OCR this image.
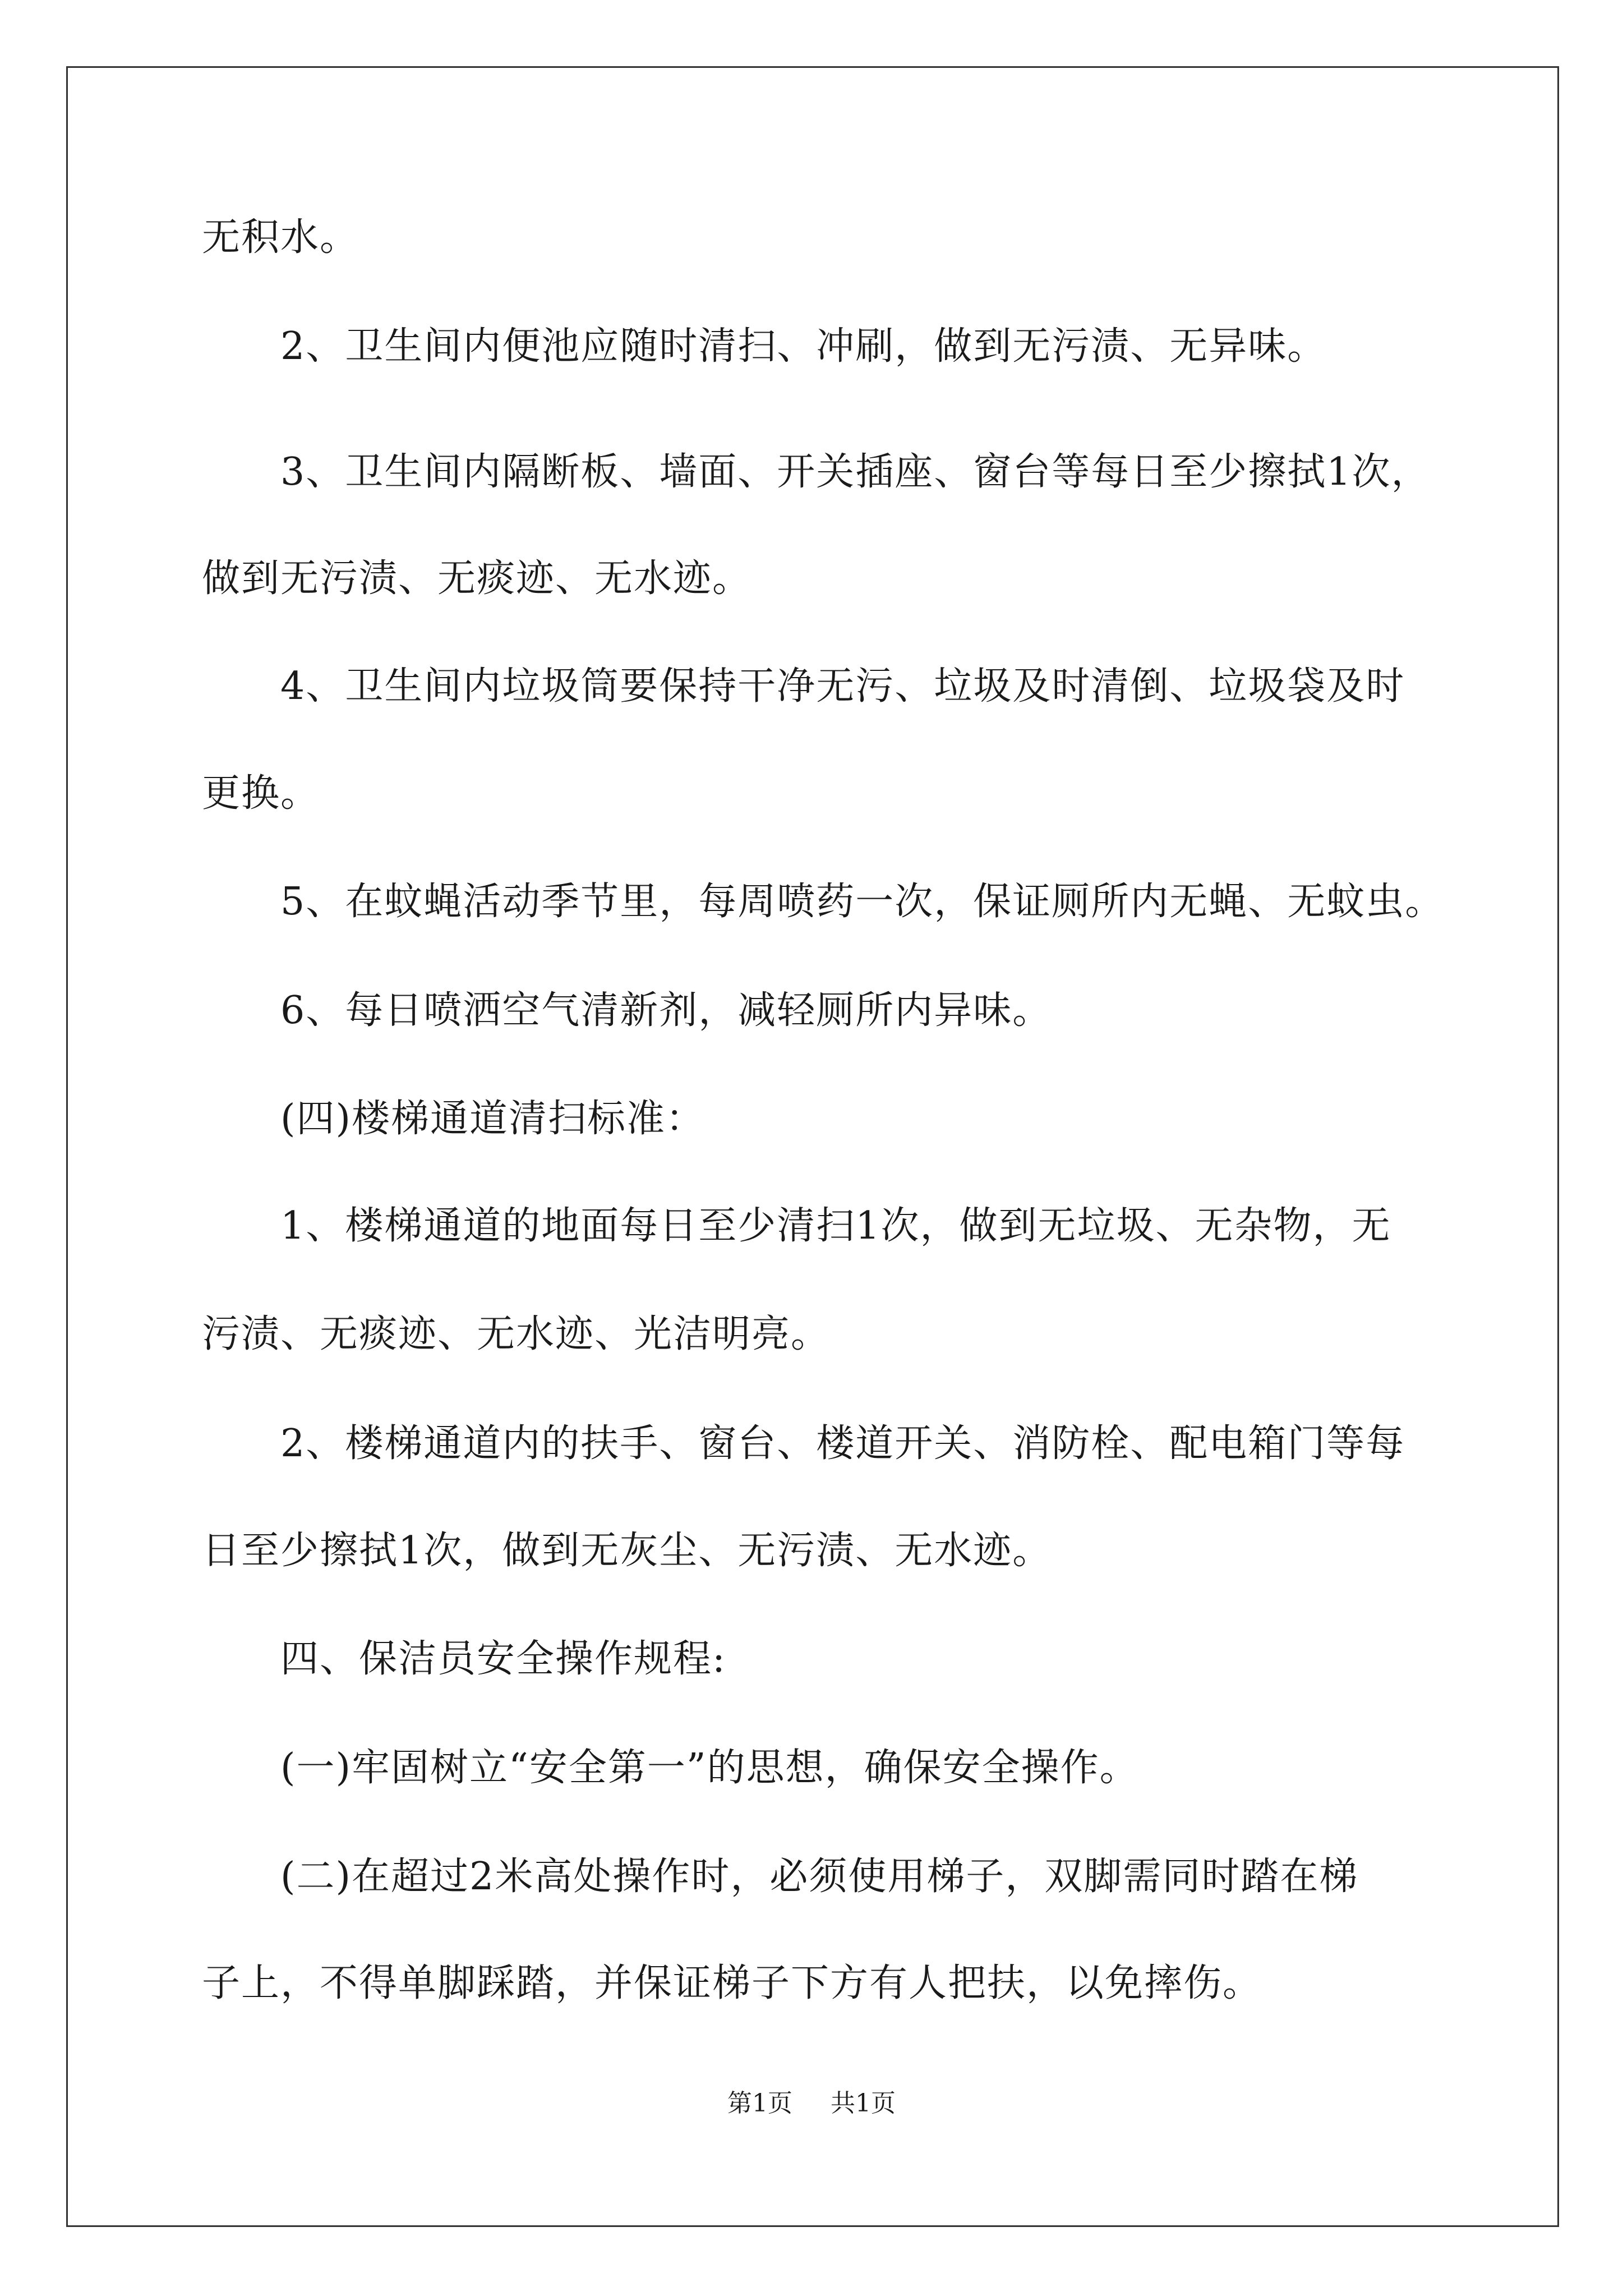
无积水。
2、卫生间内便池应随时清扫、冲刷，做到无污渍、无异味。
3、卫生间内隔断板、墙面、开关插座、窗台等每日至少擦拭1次，
做到无污渍、无痰迹、无水迹。
4、卫生间内垃圾筒要保持干净无污、垃圾及时清倒、垃圾袋及时
更换。
5、在蚊蝇活动季节里，每周喷药一次，保证厕所内无蝇、无蚊虫。
6、每日喷洒空气清新剂，减轻厕所内异味。
(四)楼梯通道清扫标准：
1、楼梯通道的地面每日至少清扫1次，做到无垃圾、无杂物，无
污渍、无痰迹、无水迹、光洁明亮。
2、楼梯通道内的扶手、窗台、楼道开关、消防栓、配电箱门等每
日至少擦拭1次，做到无灰尘、无污渍、无水迹。
四、保洁员安全操作规程:
(一)牢固树立“安全第一”的思想，确保安全操作。
(二)在超过2米高处操作时，必须使用梯子，双脚需同时踏在梯
子上，不得单脚踩踏，并保证梯子下方有人把扶，以免摔伤。
第1页 共1页
